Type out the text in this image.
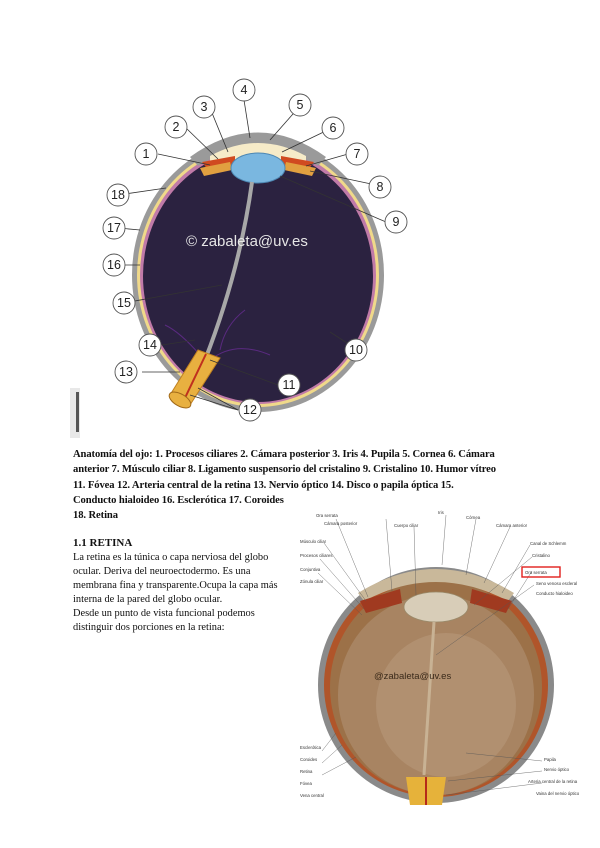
© zabaleta@uv.es
1
2
3
4
5
6
7
8
9
10
11
12
13
14
15
16
17
18

Anatomía del ojo: 1. Procesos ciliares 2. Cámara posterior 3. Iris 4. Pupila 5. Cornea 6. Cámara

anterior 7. Músculo ciliar 8. Ligamento suspensorio del cristalino 9. Cristalino 10. Humor vítreo

11. Fóvea 12. Arteria central de la retina 13. Nervio óptico 14. Disco o papila óptica 15.

Conducto hialoideo 16. Esclerótica 17. Coroides

18. Retina

1.1 RETINA

La retina es la túnica o capa nerviosa del globo

ocular. Deriva del neuroectodermo. Es una

membrana fina y transparente.Ocupa la capa más

interna de la pared del globo ocular.

Desde un punto de vista funcional podemos

distinguir dos porciones en la retina:

@zabaleta@uv.es
Ora serrata
Cámara posterior	Cuerpo ciliar
Iris
Córnea
Cámara anterior
Músculo ciliar
Procesos ciliares
Conjuntiva
Zónula ciliar
Ora serrata
Canal de Schlemm
Cristalino
Seno venoso escleral
Conducto hialoideo
Esclerótica
Coroides
Retina
Fóvea
Vena central
Papila
Nervio óptico
Arteria central de la retina
Vaina del nervio óptico
